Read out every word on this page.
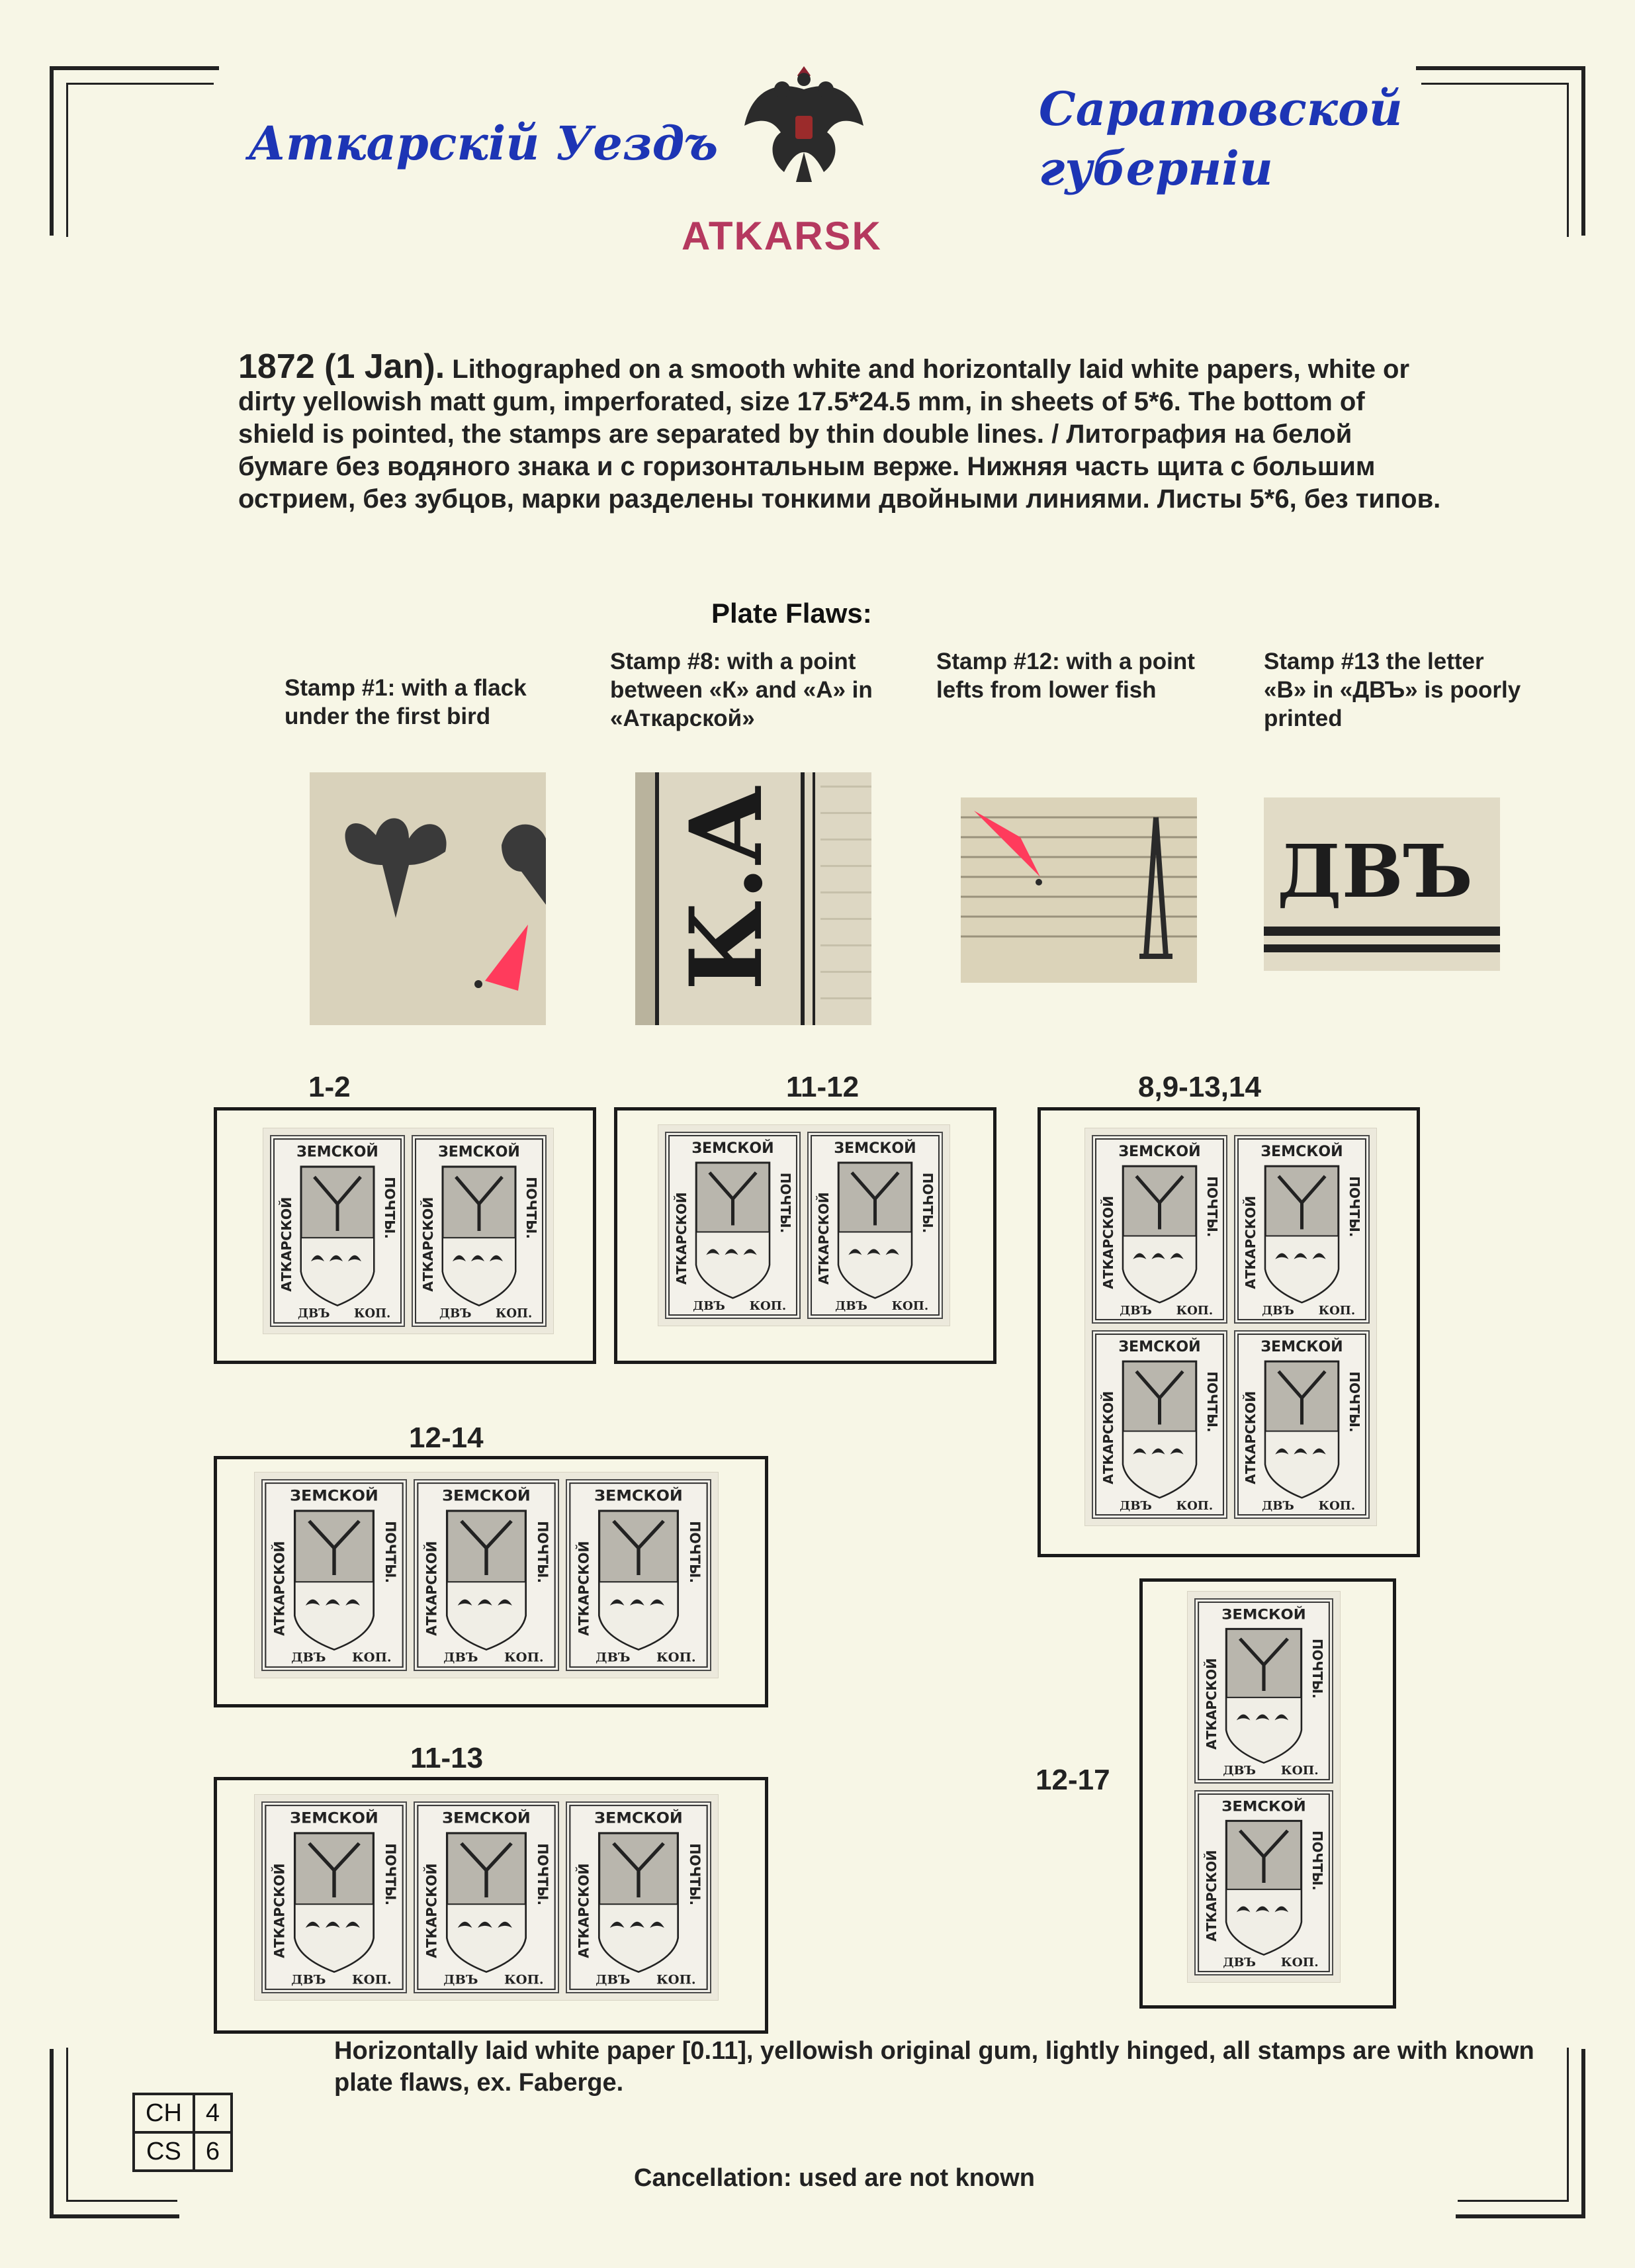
Аткарскій Уездъ
Саратовской
губерніи
ATKARSK
1872 (1 Jan). Lithographed on a smooth white and horizontally laid white papers, white or dirty yellowish matt gum, imperforated, size 17.5*24.5 mm, in sheets of 5*6. The bottom of shield is pointed, the stamps are separated by thin double lines. / Литография на белой бумаге без водяного знака и с горизонтальным верже. Нижняя часть щита с большим острием, без зубцов, марки разделены тонкими двойными линиями. Листы 5*6, без типов.
Plate Flaws:
Stamp #1: with a flack under the first bird
Stamp #8: with a point between «К» and «А» in «Аткарской»
Stamp #12: with a point lefts from lower fish
Stamp #13 the letter «В» in «ДВЪ» is poorly printed
К.А	ДВЪ
1-2	11-12	8,9-13,14
12-14
11-13
12-17
ЗЕМСКОЙ
АТКАРСКОЙ	ПОЧТЫ.
ДВЪ КОП.
ЗЕМСКОЙ
АТКАРСКОЙ	ПОЧТЫ.
ДВЪ КОП.
ЗЕМСКОЙ
АТКАРСКОЙ	ПОЧТЫ.
ДВЪ КОП.
ЗЕМСКОЙ
АТКАРСКОЙ	ПОЧТЫ.
ДВЪ КОП.
ЗЕМСКОЙ
АТКАРСКОЙ	ПОЧТЫ.
ДВЪ КОП.
ЗЕМСКОЙ
АТКАРСКОЙ	ПОЧТЫ.
ДВЪ КОП.
ЗЕМСКОЙ
АТКАРСКОЙ	ПОЧТЫ.
ДВЪ КОП.
ЗЕМСКОЙ
АТКАРСКОЙ	ПОЧТЫ.
ДВЪ КОП.
ЗЕМСКОЙ
АТКАРСКОЙ	ПОЧТЫ.
ДВЪ КОП.
ЗЕМСКОЙ
АТКАРСКОЙ	ПОЧТЫ.
ДВЪ КОП.
ЗЕМСКОЙ
АТКАРСКОЙ	ПОЧТЫ.
ДВЪ КОП.
ЗЕМСКОЙ
АТКАРСКОЙ	ПОЧТЫ.
ДВЪ КОП.
ЗЕМСКОЙ
АТКАРСКОЙ	ПОЧТЫ.
ДВЪ КОП.
ЗЕМСКОЙ
АТКАРСКОЙ	ПОЧТЫ.
ДВЪ КОП.
ЗЕМСКОЙ
АТКАРСКОЙ	ПОЧТЫ.
ДВЪ КОП.
ЗЕМСКОЙ
АТКАРСКОЙ	ПОЧТЫ.
ДВЪ КОП.
Horizontally laid white paper [0.11], yellowish original gum, lightly hinged, all stamps are with known plate flaws, ex. Faberge.
CH	4
CS	6
Cancellation: used are not known
